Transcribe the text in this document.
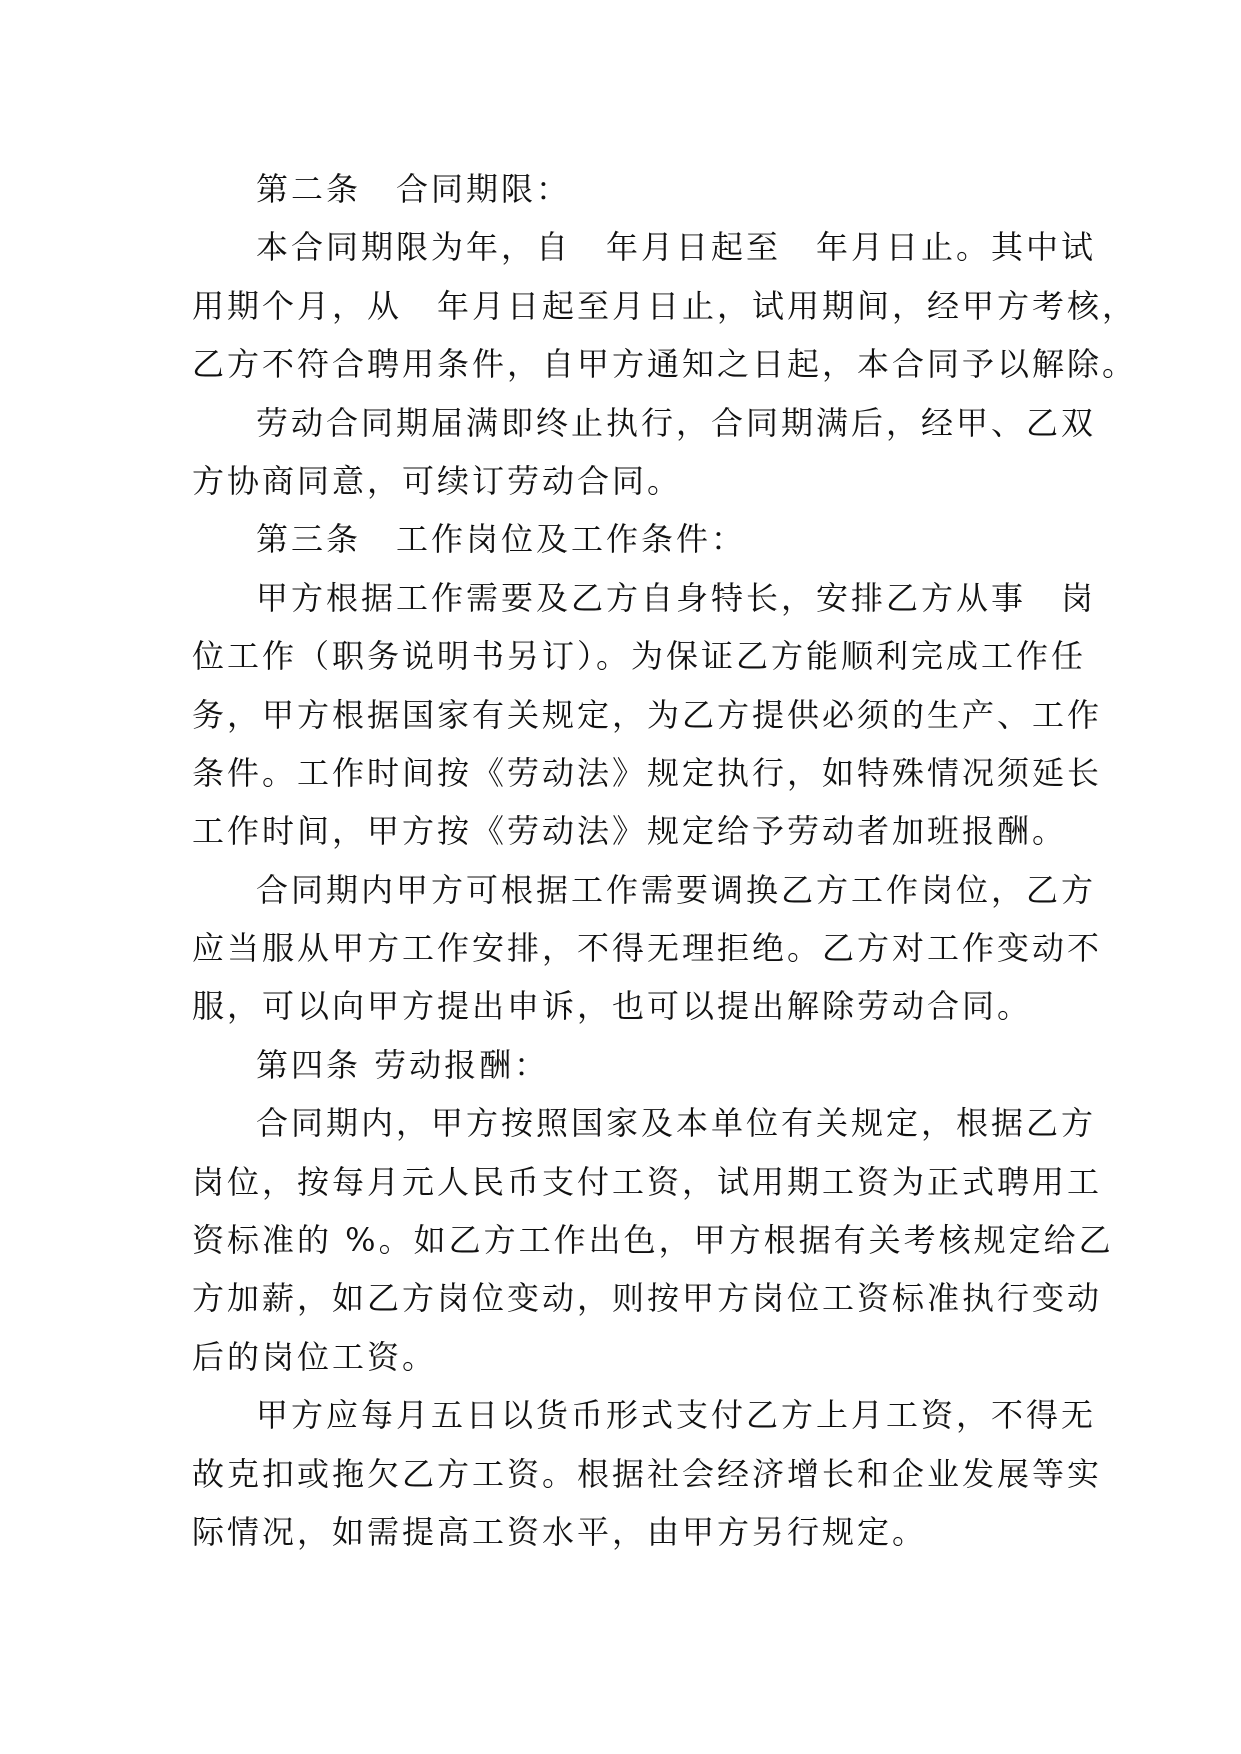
第二条　合同期限：
本合同期限为年，自　年月日起至　年月日止。其中试
用期个月，从　年月日起至月日止，试用期间，经甲方考核，
乙方不符合聘用条件，自甲方通知之日起，本合同予以解除。
劳动合同期届满即终止执行，合同期满后，经甲、乙双
方协商同意，可续订劳动合同。
第三条　工作岗位及工作条件：
甲方根据工作需要及乙方自身特长，安排乙方从事　岗
位工作（职务说明书另订）。为保证乙方能顺利完成工作任
务，甲方根据国家有关规定，为乙方提供必须的生产、工作
条件。工作时间按《劳动法》规定执行，如特殊情况须延长
工作时间，甲方按《劳动法》规定给予劳动者加班报酬。
合同期内甲方可根据工作需要调换乙方工作岗位，乙方
应当服从甲方工作安排，不得无理拒绝。乙方对工作变动不
服，可以向甲方提出申诉，也可以提出解除劳动合同。
第四条 劳动报酬：
合同期内，甲方按照国家及本单位有关规定，根据乙方
岗位，按每月元人民币支付工资，试用期工资为正式聘用工
资标准的 %。如乙方工作出色，甲方根据有关考核规定给乙
方加薪，如乙方岗位变动，则按甲方岗位工资标准执行变动
后的岗位工资。
甲方应每月五日以货币形式支付乙方上月工资，不得无
故克扣或拖欠乙方工资。根据社会经济增长和企业发展等实
际情况，如需提高工资水平，由甲方另行规定。
